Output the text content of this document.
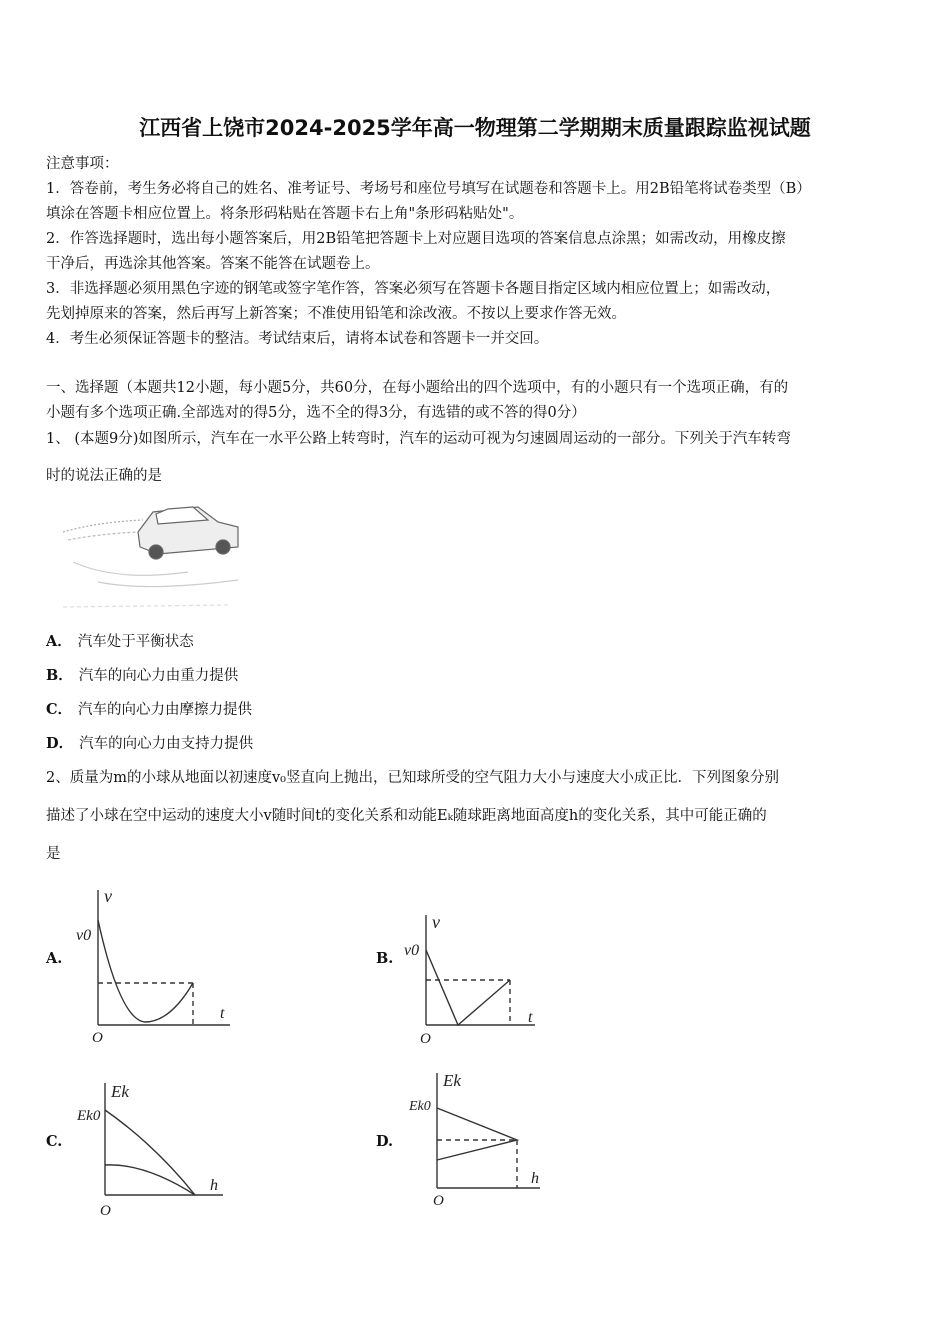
江西省上饶市2024-2025学年高一物理第二学期期末质量跟踪监视试题
注意事项：
1．答卷前，考生务必将自己的姓名、准考证号、考场号和座位号填写在试题卷和答题卡上。用2B铅笔将试卷类型（B）
填涂在答题卡相应位置上。将条形码粘贴在答题卡右上角"条形码粘贴处"。
2．作答选择题时，选出每小题答案后，用2B铅笔把答题卡上对应题目选项的答案信息点涂黑；如需改动，用橡皮擦
干净后，再选涂其他答案。答案不能答在试题卷上。
3．非选择题必须用黑色字迹的钢笔或签字笔作答，答案必须写在答题卡各题目指定区域内相应位置上；如需改动，
先划掉原来的答案，然后再写上新答案；不准使用铅笔和涂改液。不按以上要求作答无效。
4．考生必须保证答题卡的整洁。考试结束后，请将本试卷和答题卡一并交回。
一、选择题（本题共12小题，每小题5分，共60分，在每小题给出的四个选项中，有的小题只有一个选项正确，有的
小题有多个选项正确.全部选对的得5分，选不全的得3分，有选错的或不答的得0分）
1、 (本题9分)如图所示，汽车在一水平公路上转弯时，汽车的运动可视为匀速圆周运动的一部分。下列关于汽车转弯
时的说法正确的是
A． 汽车处于平衡状态
B． 汽车的向心力由重力提供
C． 汽车的向心力由摩擦力提供
D． 汽车的向心力由支持力提供
2、质量为m的小球从地面以初速度v₀竖直向上抛出，已知球所受的空气阻力大小与速度大小成正比．下列图象分别
描述了小球在空中运动的速度大小v随时间t的变化关系和动能Eₖ随球距离地面高度h的变化关系，其中可能正确的
是
A.
v
v0
t
O
B.
v
v0
t
O
C.
Ek
Ek0
h
O
D.
Ek
Ek0
h
O
